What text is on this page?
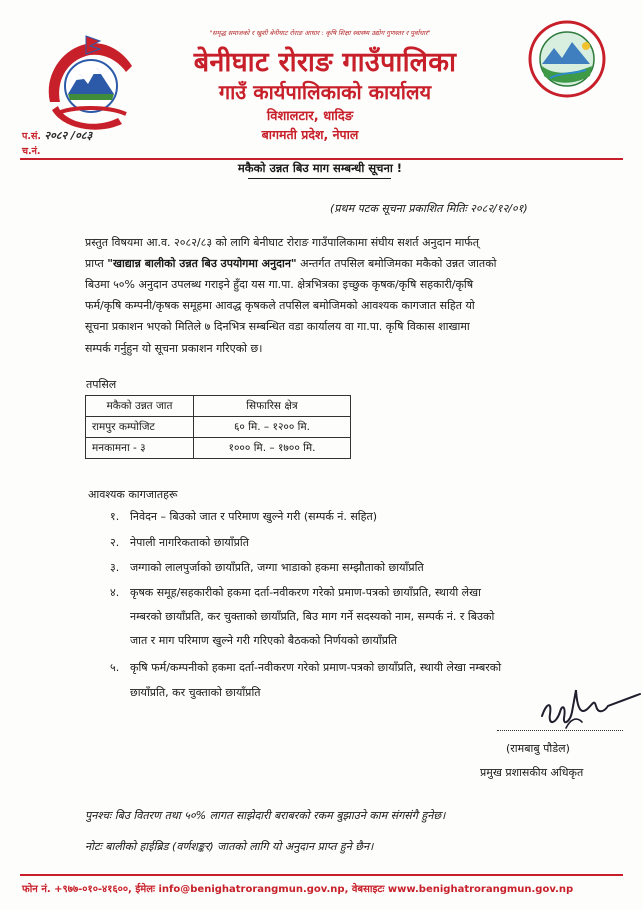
"समृद्ध समाजको र खुशी बेनीघाट रोराङ आधार : कृषि शिक्षा स्वास्थ्य उद्योग गुणस्तर र पूर्वाधार"
बेनीघाट रोराङ गाउँपालिका
गाउँ कार्यपालिकाको कार्यालय
विशालटार, धादिङ
बागमती प्रदेश, नेपाल
प.सं. २०८२ /०८३
च.नं.
मकैको उन्नत बिउ माग सम्बन्धी सूचना !
(प्रथम पटक सूचना प्रकाशित मितिः २०८२/१२/०१)
प्रस्तुत विषयमा आ.व. २०८२/८३ को लागि बेनीघाट रोराङ गाउँपालिकामा संघीय सशर्त अनुदान मार्फत्
प्राप्त "खाद्यान्न बालीको उन्नत बिउ उपयोगमा अनुदान" अन्तर्गत तपसिल बमोजिमका मकैको उन्नत जातको
बिउमा ५०% अनुदान उपलब्ध गराइने हुँदा यस गा.पा. क्षेत्रभित्रका इच्छुक कृषक/कृषि सहकारी/कृषि
फर्म/कृषि कम्पनी/कृषक समूहमा आवद्ध कृषकले तपसिल बमोजिमको आवश्यक कागजात सहित यो
सूचना प्रकाशन भएको मितिले ७ दिनभित्र सम्बन्धित वडा कार्यालय वा गा.पा. कृषि विकास शाखामा
सम्पर्क गर्नुहुन यो सूचना प्रकाशन गरिएको छ।
तपसिल
मकैको उन्नत जात	सिफारिस क्षेत्र
रामपुर कम्पोजिट	६० मि. – १२०० मि.
मनकामना - ३	१००० मि. – १७०० मि.
आवश्यक कागजातहरू
१. निवेदन – बिउको जात र परिमाण खुल्ने गरी (सम्पर्क नं. सहित)
२. नेपाली नागरिकताको छायाँप्रति
३. जग्गाको लालपुर्जाको छायाँप्रति, जग्गा भाडाको हकमा सम्झौताको छायाँप्रति
४. कृषक समूह/सहकारीको हकमा दर्ता-नवीकरण गरेको प्रमाण-पत्रको छायाँप्रति, स्थायी लेखा
नम्बरको छायाँप्रति, कर चुक्ताको छायाँप्रति, बिउ माग गर्ने सदस्यको नाम, सम्पर्क नं. र बिउको
जात र माग परिमाण खुल्ने गरी गरिएको बैठकको निर्णयको छायाँप्रति
५. कृषि फर्म/कम्पनीको हकमा दर्ता-नवीकरण गरेको प्रमाण-पत्रको छायाँप्रति, स्थायी लेखा नम्बरको
छायाँप्रति, कर चुक्ताको छायाँप्रति
(रामबाबु पौडेल)
प्रमुख प्रशासकीय अधिकृत
पुनश्चः बिउ वितरण तथा ५०% लागत साझेदारी बराबरको रकम बुझाउने काम संगसंगै हुनेछ।
नोटः बालीको हाईब्रिड (वर्णशङ्कर) जातको लागि यो अनुदान प्राप्त हुने छैन।
फोन नं. +९७७-०१०-४१६००, ईमेलः info@benighatrorangmun.gov.np, वेबसाइटः www.benighatrorangmun.gov.np
